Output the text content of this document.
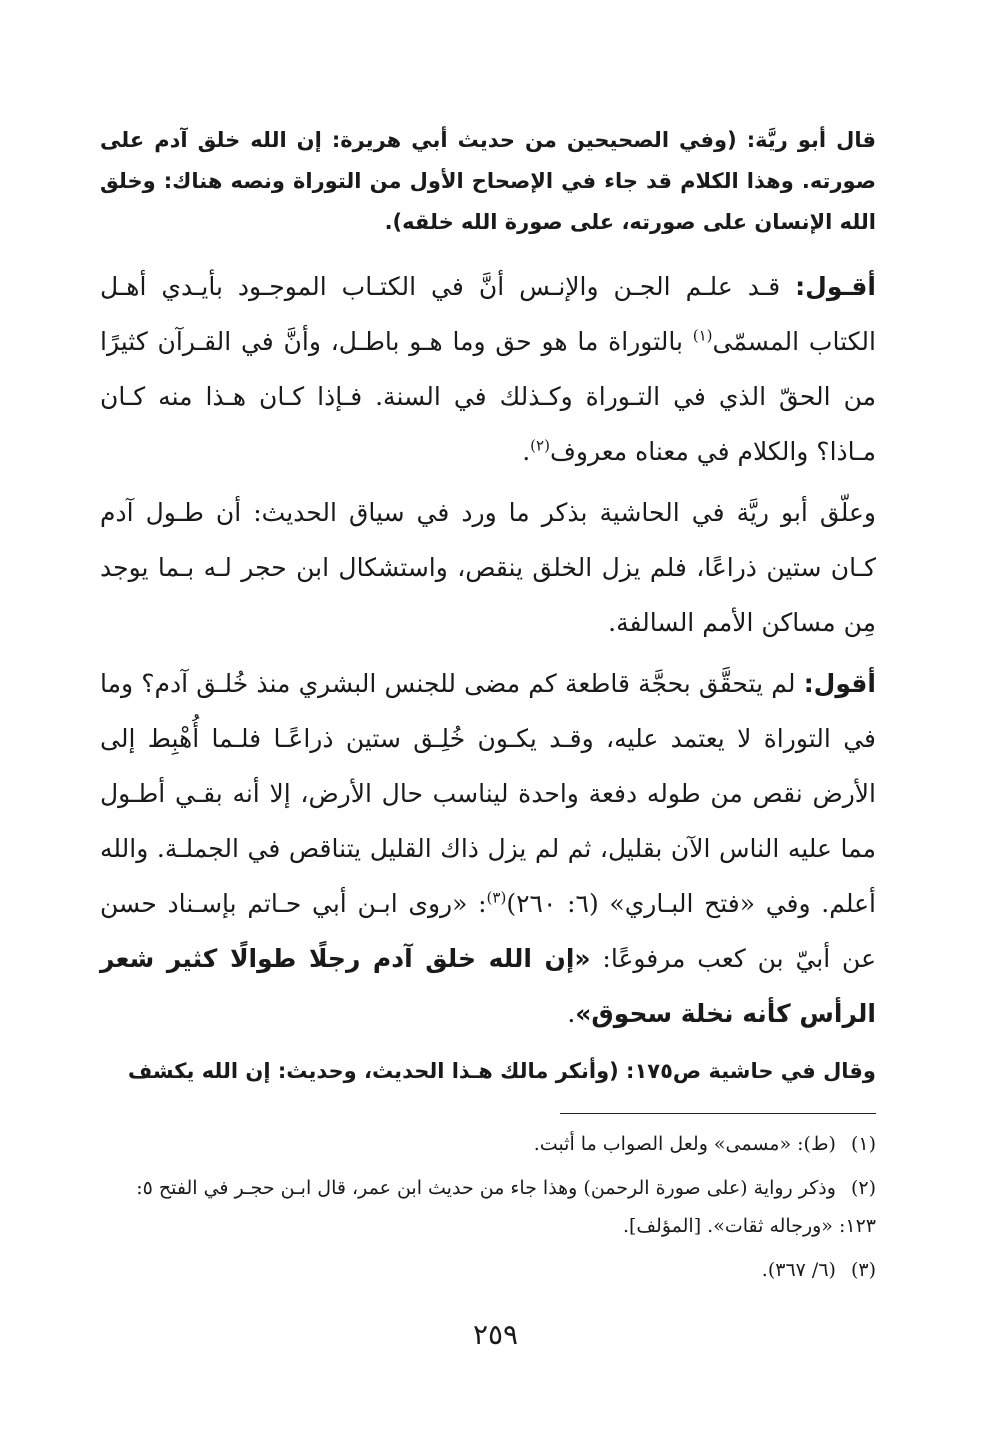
قال أبو ريَّة: (وفي الصحيحين من حديث أبي هريرة: إن الله خلق آدم على صورته. وهذا الكلام قد جاء في الإصحاح الأول من التوراة ونصه هناك: وخلق الله الإنسان على صورته، على صورة الله خلقه).

أقـول: قـد علـم الجـن والإنـس أنَّ في الكتـاب الموجـود بأيـدي أهـل الكتاب المسمّى$^{(١)}$ بالتوراة ما هو حق وما هـو باطـل، وأنَّ في القـرآن كثيرًا من الحقّ الذي في التـوراة وكـذلك في السنة. فـإذا كـان هـذا منه كـان مـاذا؟ والكلام في معناه معروف$^{(٢)}$.

وعلّق أبو ريَّة في الحاشية بذكر ما ورد في سياق الحديث: أن طـول آدم كـان ستين ذراعًا، فلم يزل الخلق ينقص، واستشكال ابن حجر لـه بـما يوجد مِن مساكن الأمم السالفة.

أقول: لم يتحقَّق بحجَّة قاطعة كم مضى للجنس البشري منذ خُلـق آدم؟ وما في التوراة لا يعتمد عليه، وقـد يكـون خُلِـق ستين ذراعًـا فلـما أُهْبِط إلى الأرض نقص من طوله دفعة واحدة ليناسب حال الأرض، إلا أنه بقـي أطـول مما عليه الناس الآن بقليل، ثم لم يزل ذاك القليل يتناقص في الجملـة. والله أعلم. وفي «فتح البـاري» (٦: ٢٦٠)$^{(٣)}$: «روى ابـن أبي حـاتم بإسـناد حسن عن أبيّ بن كعب مرفوعًا: «إن الله خلق آدم رجلًا طوالًا كثير شعر الرأس كأنه نخلة سحوق».

وقال في حاشية ص١٧٥: (وأنكر مالك هـذا الحديث، وحديث: إن الله يكشف

(١) (ط): «مسمى» ولعل الصواب ما أثبت.
(٢) وذكر رواية (على صورة الرحمن) وهذا جاء من حديث ابن عمر، قال ابـن حجـر في الفتح ٥: ١٢٣: «ورجاله ثقات». [المؤلف].
(٣) (٦/ ٣٦٧).
٢٥٩
